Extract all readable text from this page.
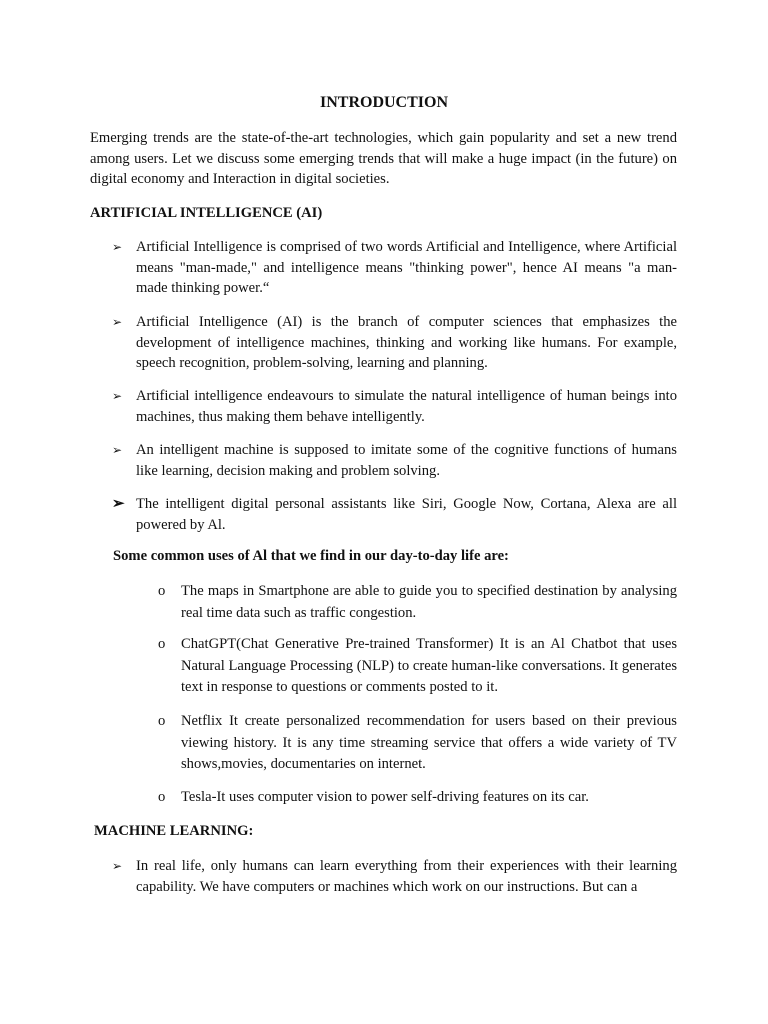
INTRODUCTION

Emerging trends are the state-of-the-art technologies, which gain popularity and set a new trend among users. Let we discuss some emerging trends that will make a huge impact (in the future) on digital economy and Interaction in digital societies.

ARTIFICIAL INTELLIGENCE (AI)
➢ Artificial Intelligence is comprised of two words Artificial and Intelligence, where Artificial means "man-made," and intelligence means "thinking power", hence AI means "a man-made thinking power.“

➢ Artificial Intelligence (AI) is the branch of computer sciences that emphasizes the development of intelligence machines, thinking and working like humans. For example, speech recognition, problem-solving, learning and planning.

➢ Artificial intelligence endeavours to simulate the natural intelligence of human beings into machines, thus making them behave intelligently.

➢ An intelligent machine is supposed to imitate some of the cognitive functions of humans like learning, decision making and problem solving.

➢ The intelligent digital personal assistants like Siri, Google Now, Cortana, Alexa are all powered by Al.

Some common uses of Al that we find in our day-to-day life are:
o The maps in Smartphone are able to guide you to specified destination by analysing real time data such as traffic congestion.

o ChatGPT(Chat Generative Pre-trained Transformer) It is an Al Chatbot that uses Natural Language Processing (NLP) to create human-like conversations. It generates text in response to questions or comments posted to it.

o Netflix It create personalized recommendation for users based on their previous viewing history. It is any time streaming service that offers a wide variety of TV shows,movies, documentaries on internet.

o Tesla-It uses computer vision to power self-driving features on its car.

MACHINE LEARNING:
➢ In real life, only humans can learn everything from their experiences with their learning capability. We have computers or machines which work on our instructions. But can a
